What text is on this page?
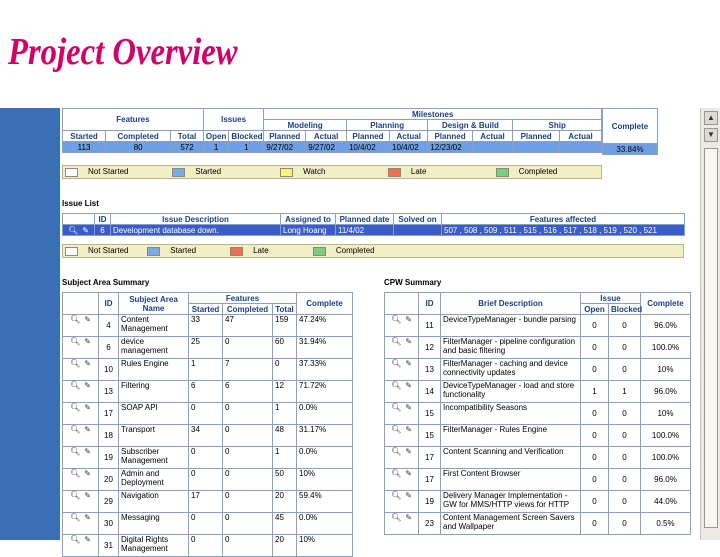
Project Overview
Features			Issues		Milestones							
					Modeling		Planning		Design & Build		Ship	
Started	Completed	Total	Open	Blocked	Planned	Actual	Planned	Actual	Planned	Actual	Planned	Actual
113	80	572	1	1	9/27/02	9/27/02	10/4/02	10/4/02	12/23/02			
Complete
33.84%
Not Started	Started	Watch	Late	Completed
Issue List
	ID	Issue Description	Assigned to	Planned date	Solved on	Features affected
🔍︎ ✎	6	Development database down.	Long Hoang	11/4/02		507 , 508 , 509 , 511 , 515 , 516 , 517 , 518 , 519 , 520 , 521
Not Started	Started	Late	Completed
Subject Area Summary
	ID	Subject Area Name	Features			Complete
			Started	Completed	Total	
🔍︎ ✎	4	Content Management	33	47	159	47.24%
🔍︎ ✎	6	device management	25	0	60	31.94%
🔍︎ ✎	10	Rules Engine	1	7	0	37.33%
🔍︎ ✎	13	Filtering	6	6	12	71.72%
🔍︎ ✎	17	SOAP API	0	0	1	0.0%
🔍︎ ✎	18	Transport	34	0	48	31.17%
🔍︎ ✎	19	Subscriber Management	0	0	1	0.0%
🔍︎ ✎	20	Admin and Deployment	0	0	50	10%
🔍︎ ✎	29	Navigation	17	0	20	59.4%
🔍︎ ✎	30	Messaging	0	0	45	0.0%
🔍︎ ✎	31	Digital Rights Management	0	0	20	10%
CPW Summary
	ID	Brief Description	Issue		Complete
			Open	Blocked	
🔍︎ ✎	11	DeviceTypeManager - bundle parsing	0	0	96.0%
🔍︎ ✎	12	FilterManager - pipeline configuration and basic filtering	0	0	100.0%
🔍︎ ✎	13	FilterManager - caching and device connectivity updates	0	0	10%
🔍︎ ✎	14	DeviceTypeManager - load and store functionality	1	1	96.0%
🔍︎ ✎	15	Incompatibility Seasons	0	0	10%
🔍︎ ✎	15	FilterManager - Rules Engine	0	0	100.0%
🔍︎ ✎	17	Content Scanning and Verification	0	0	100.0%
🔍︎ ✎	17	First Content Browser	0	0	96.0%
🔍︎ ✎	19	Delivery Manager Implementation - GW for MMS/HTTP views for HTTP	0	0	44.0%
🔍︎ ✎	23	Content Management Screen Savers and Wallpaper	0	0	0.5%
▲
▼
